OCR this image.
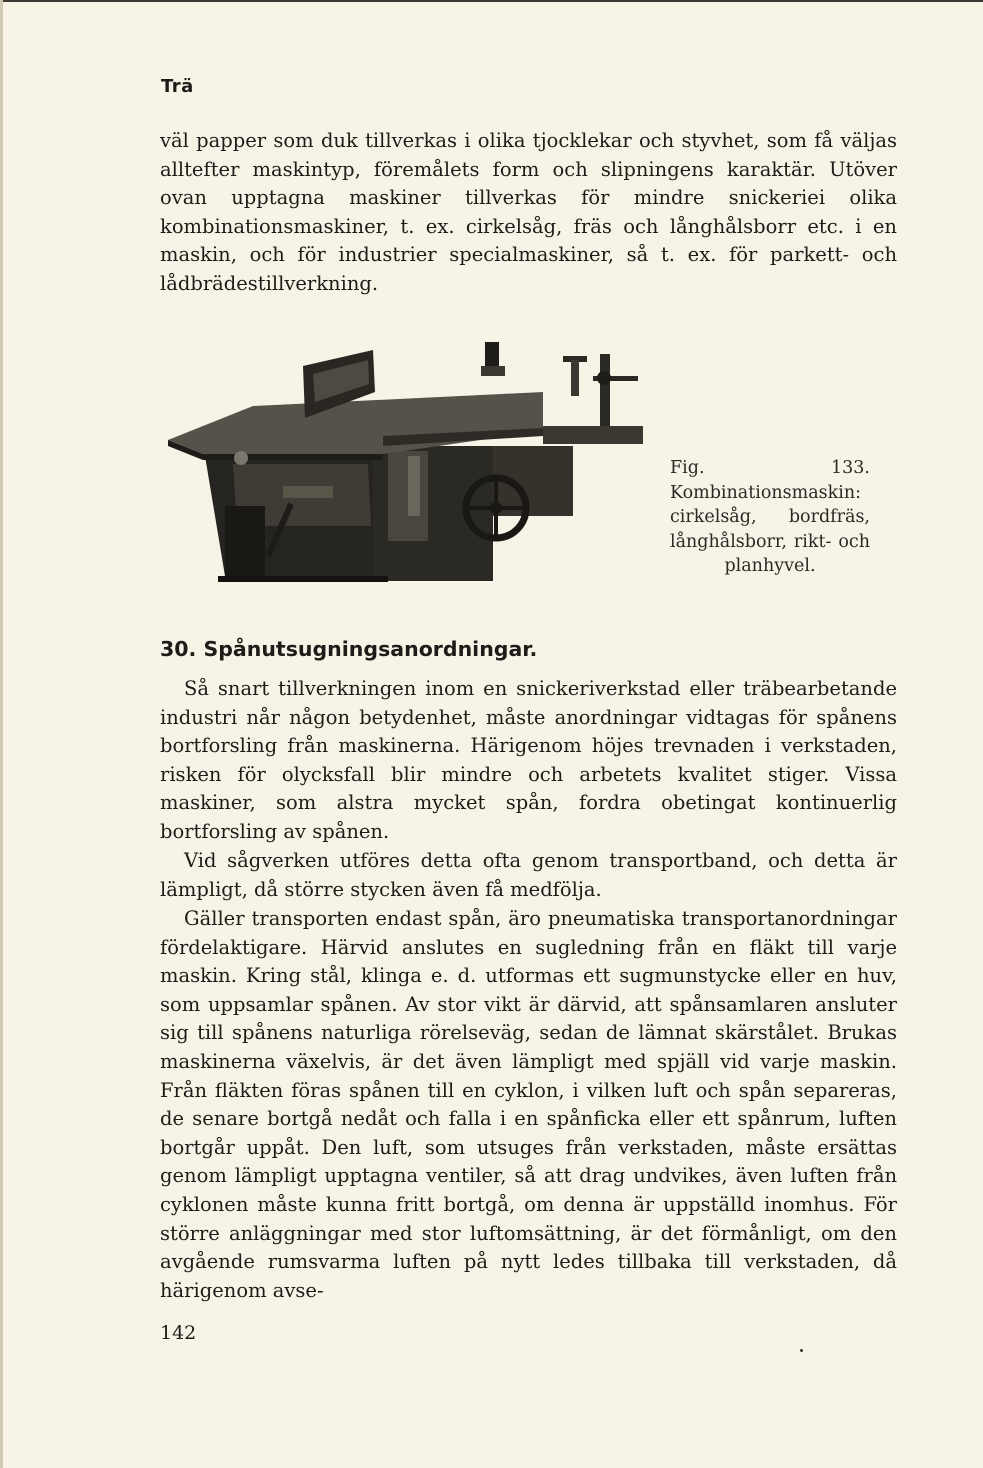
Trä

väl papper som duk tillverkas i olika tjocklekar och styvhet, som få väljas alltefter maskintyp, föremålets form och slipningens karaktär. Utöver ovan upptagna maskiner tillverkas för mindre snickeriei olika kombinationsmaskiner, t. ex. cirkelsåg, fräs och långhålsborr etc. i en maskin, och för industrier specialmaskiner, så t. ex. för parkett- och lådbrädestillverkning.

Fig. 133. Kombinationsmaskin: cirkelsåg, bordfräs, långhålsborr, rikt- och planhyvel.

30. Spånutsugningsanordningar.

Så snart tillverkningen inom en snickeriverkstad eller träbearbetande industri når någon betydenhet, måste anordningar vidtagas för spånens bortforsling från maskinerna. Härigenom höjes trevnaden i verkstaden, risken för olycksfall blir mindre och arbetets kvalitet stiger. Vissa maskiner, som alstra mycket spån, fordra obetingat kontinuerlig bortforsling av spånen.

Vid sågverken utföres detta ofta genom transportband, och detta är lämpligt, då större stycken även få medfölja.

Gäller transporten endast spån, äro pneumatiska transportanordningar fördelaktigare. Härvid anslutes en sugledning från en fläkt till varje maskin. Kring stål, klinga e. d. utformas ett sugmunstycke eller en huv, som uppsamlar spånen. Av stor vikt är därvid, att spånsamlaren ansluter sig till spånens naturliga rörelseväg, sedan de lämnat skärstålet. Brukas maskinerna växelvis, är det även lämpligt med spjäll vid varje maskin. Från fläkten föras spånen till en cyklon, i vilken luft och spån separeras, de senare bortgå nedåt och falla i en spånficka eller ett spånrum, luften bortgår uppåt. Den luft, som utsuges från verkstaden, måste ersättas genom lämpligt upptagna ventiler, så att drag undvikes, även luften från cyklonen måste kunna fritt bortgå, om denna är uppställd inomhus. För större anläggningar med stor luftomsättning, är det förmånligt, om den avgående rumsvarma luften på nytt ledes tillbaka till verkstaden, då härigenom avse-

142
